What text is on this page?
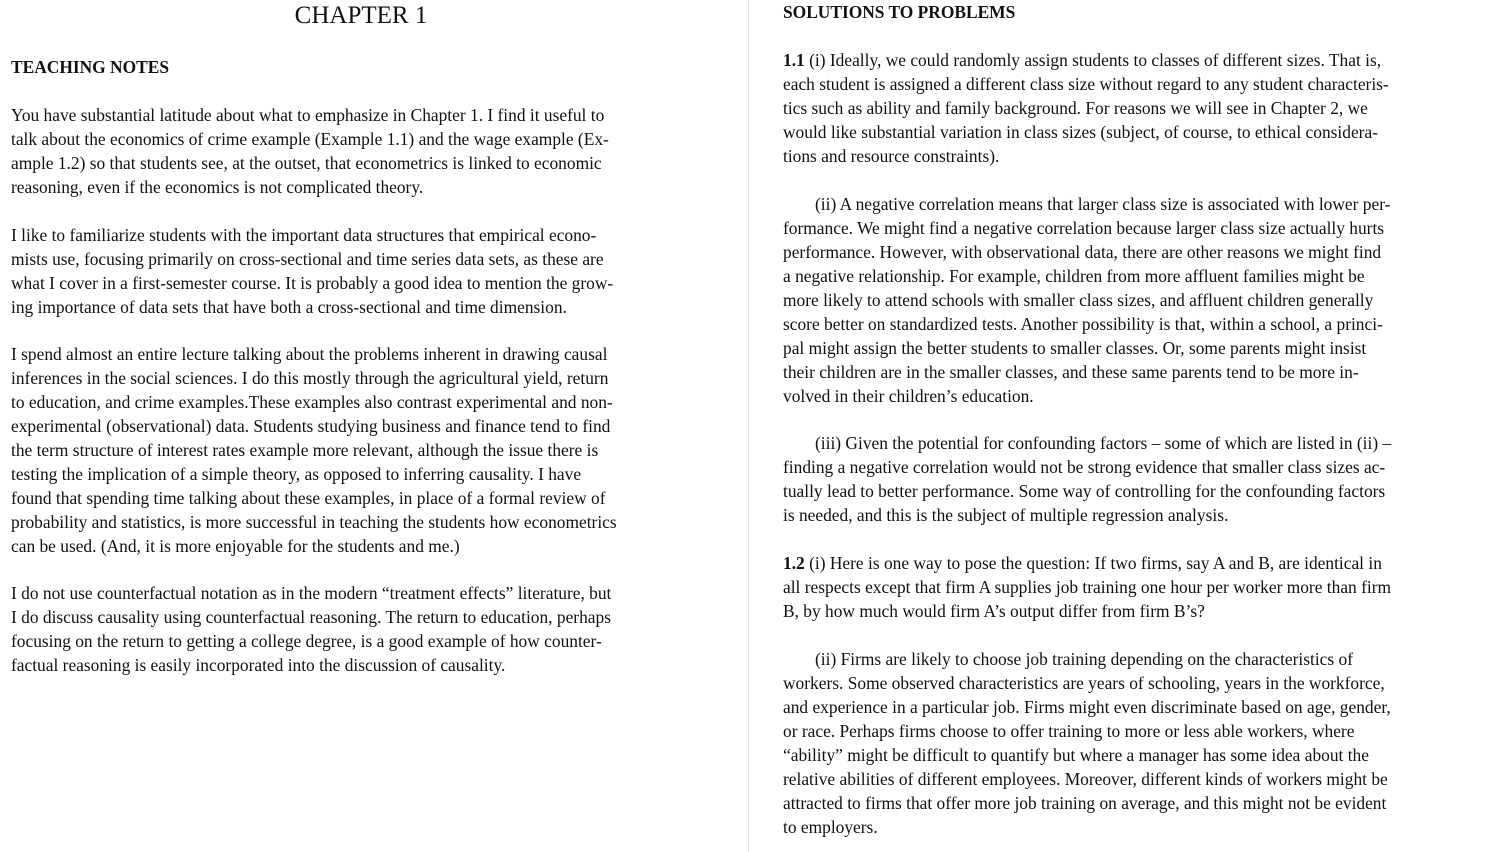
CHAPTER 1
TEACHING NOTES

You have substantial latitude about what to emphasize in Chapter 1. I find it useful to
talk about the economics of crime example (Example 1.1) and the wage example (Ex-
ample 1.2) so that students see, at the outset, that econometrics is linked to economic
reasoning, even if the economics is not complicated theory.

I like to familiarize students with the important data structures that empirical econo-
mists use, focusing primarily on cross-sectional and time series data sets, as these are
what I cover in a first-semester course. It is probably a good idea to mention the grow-
ing importance of data sets that have both a cross-sectional and time dimension.

I spend almost an entire lecture talking about the problems inherent in drawing causal
inferences in the social sciences. I do this mostly through the agricultural yield, return
to education, and crime examples.These examples also contrast experimental and non-
experimental (observational) data. Students studying business and finance tend to find
the term structure of interest rates example more relevant, although the issue there is
testing the implication of a simple theory, as opposed to inferring causality. I have
found that spending time talking about these examples, in place of a formal review of
probability and statistics, is more successful in teaching the students how econometrics
can be used. (And, it is more enjoyable for the students and me.)

I do not use counterfactual notation as in the modern “treatment effects” literature, but
I do discuss causality using counterfactual reasoning. The return to education, perhaps
focusing on the return to getting a college degree, is a good example of how counter-
factual reasoning is easily incorporated into the discussion of causality.

SOLUTIONS TO PROBLEMS

1.1 (i) Ideally, we could randomly assign students to classes of different sizes. That is,
each student is assigned a different class size without regard to any student characteris-
tics such as ability and family background. For reasons we will see in Chapter 2, we
would like substantial variation in class sizes (subject, of course, to ethical considera-
tions and resource constraints).

(ii) A negative correlation means that larger class size is associated with lower per-
formance. We might find a negative correlation because larger class size actually hurts
performance. However, with observational data, there are other reasons we might find
a negative relationship. For example, children from more affluent families might be
more likely to attend schools with smaller class sizes, and affluent children generally
score better on standardized tests. Another possibility is that, within a school, a princi-
pal might assign the better students to smaller classes. Or, some parents might insist
their children are in the smaller classes, and these same parents tend to be more in-
volved in their children’s education.

(iii) Given the potential for confounding factors – some of which are listed in (ii) –
finding a negative correlation would not be strong evidence that smaller class sizes ac-
tually lead to better performance. Some way of controlling for the confounding factors
is needed, and this is the subject of multiple regression analysis.

1.2 (i) Here is one way to pose the question: If two firms, say A and B, are identical in
all respects except that firm A supplies job training one hour per worker more than firm
B, by how much would firm A’s output differ from firm B’s?

(ii) Firms are likely to choose job training depending on the characteristics of
workers. Some observed characteristics are years of schooling, years in the workforce,
and experience in a particular job. Firms might even discriminate based on age, gender,
or race. Perhaps firms choose to offer training to more or less able workers, where
“ability” might be difficult to quantify but where a manager has some idea about the
relative abilities of different employees. Moreover, different kinds of workers might be
attracted to firms that offer more job training on average, and this might not be evident
to employers.
